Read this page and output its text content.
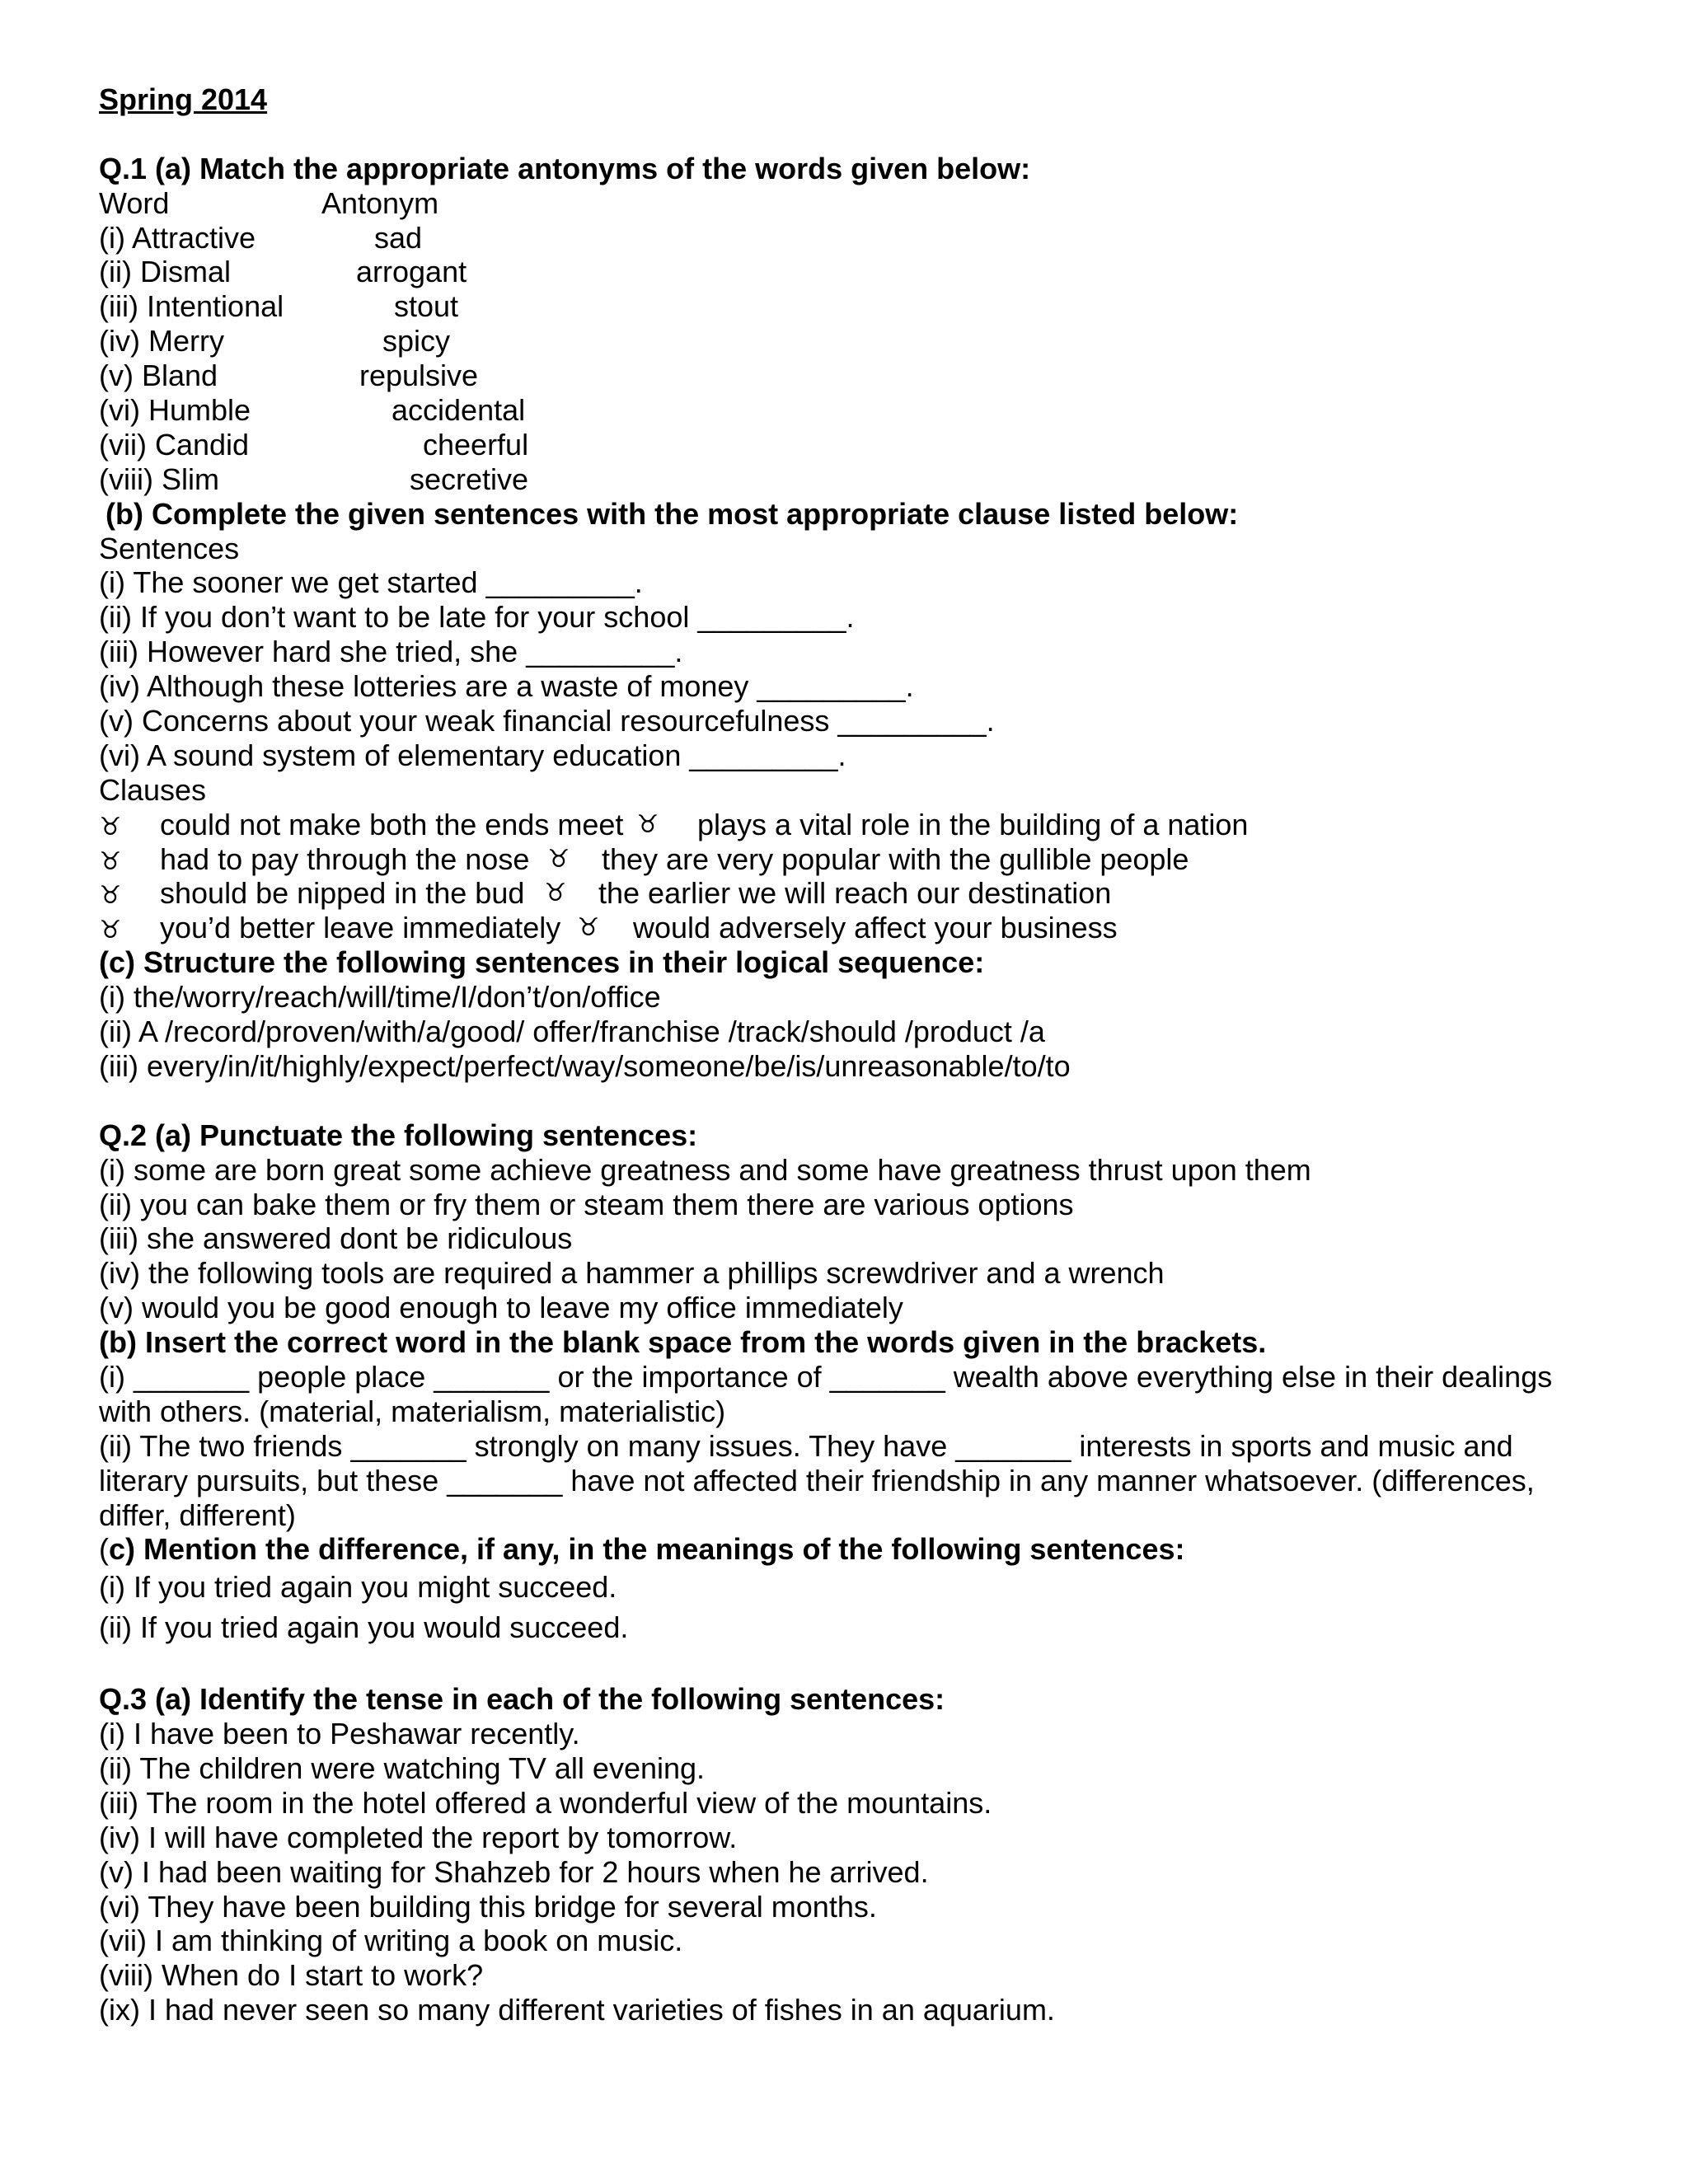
Spring 2014
Q.1 (a) Match the appropriate antonyms of the words given below:
Word	Antonym
(i) Attractive	sad
(ii) Dismal	arrogant
(iii) Intentional	stout
(iv) Merry	spicy
(v) Bland	repulsive
(vi) Humble	accidental
(vii) Candid	cheerful
(viii) Slim	secretive
(b) Complete the given sentences with the most appropriate clause listed below:
Sentences
(i) The sooner we get started _________.
(ii) If you don’t want to be late for your school _________.
(iii) However hard she tried, she _________.
(iv) Although these lotteries are a waste of money _________.
(v) Concerns about your weak financial resourcefulness _________.
(vi) A sound system of elementary education _________.
Clauses
♉ could not make both the ends meet ♉ plays a vital role in the building of a nation
♉ had to pay through the nose ♉ they are very popular with the gullible people
♉ should be nipped in the bud ♉ the earlier we will reach our destination
♉ you’d better leave immediately ♉ would adversely affect your business
(c) Structure the following sentences in their logical sequence:
(i) the/worry/reach/will/time/I/don’t/on/office
(ii) A /record/proven/with/a/good/ offer/franchise /track/should /product /a
(iii) every/in/it/highly/expect/perfect/way/someone/be/is/unreasonable/to/to
Q.2 (a) Punctuate the following sentences:
(i) some are born great some achieve greatness and some have greatness thrust upon them
(ii) you can bake them or fry them or steam them there are various options
(iii) she answered dont be ridiculous
(iv) the following tools are required a hammer a phillips screwdriver and a wrench
(v) would you be good enough to leave my office immediately
(b) Insert the correct word in the blank space from the words given in the brackets.
(i) _______ people place _______ or the importance of _______ wealth above everything else in their dealings
with others. (material, materialism, materialistic)
(ii) The two friends _______ strongly on many issues. They have _______ interests in sports and music and
literary pursuits, but these _______ have not affected their friendship in any manner whatsoever. (differences,
differ, different)
(c) Mention the difference, if any, in the meanings of the following sentences:
(i) If you tried again you might succeed.
(ii) If you tried again you would succeed.
Q.3 (a) Identify the tense in each of the following sentences:
(i) I have been to Peshawar recently.
(ii) The children were watching TV all evening.
(iii) The room in the hotel offered a wonderful view of the mountains.
(iv) I will have completed the report by tomorrow.
(v) I had been waiting for Shahzeb for 2 hours when he arrived.
(vi) They have been building this bridge for several months.
(vii) I am thinking of writing a book on music.
(viii) When do I start to work?
(ix) I had never seen so many different varieties of fishes in an aquarium.
